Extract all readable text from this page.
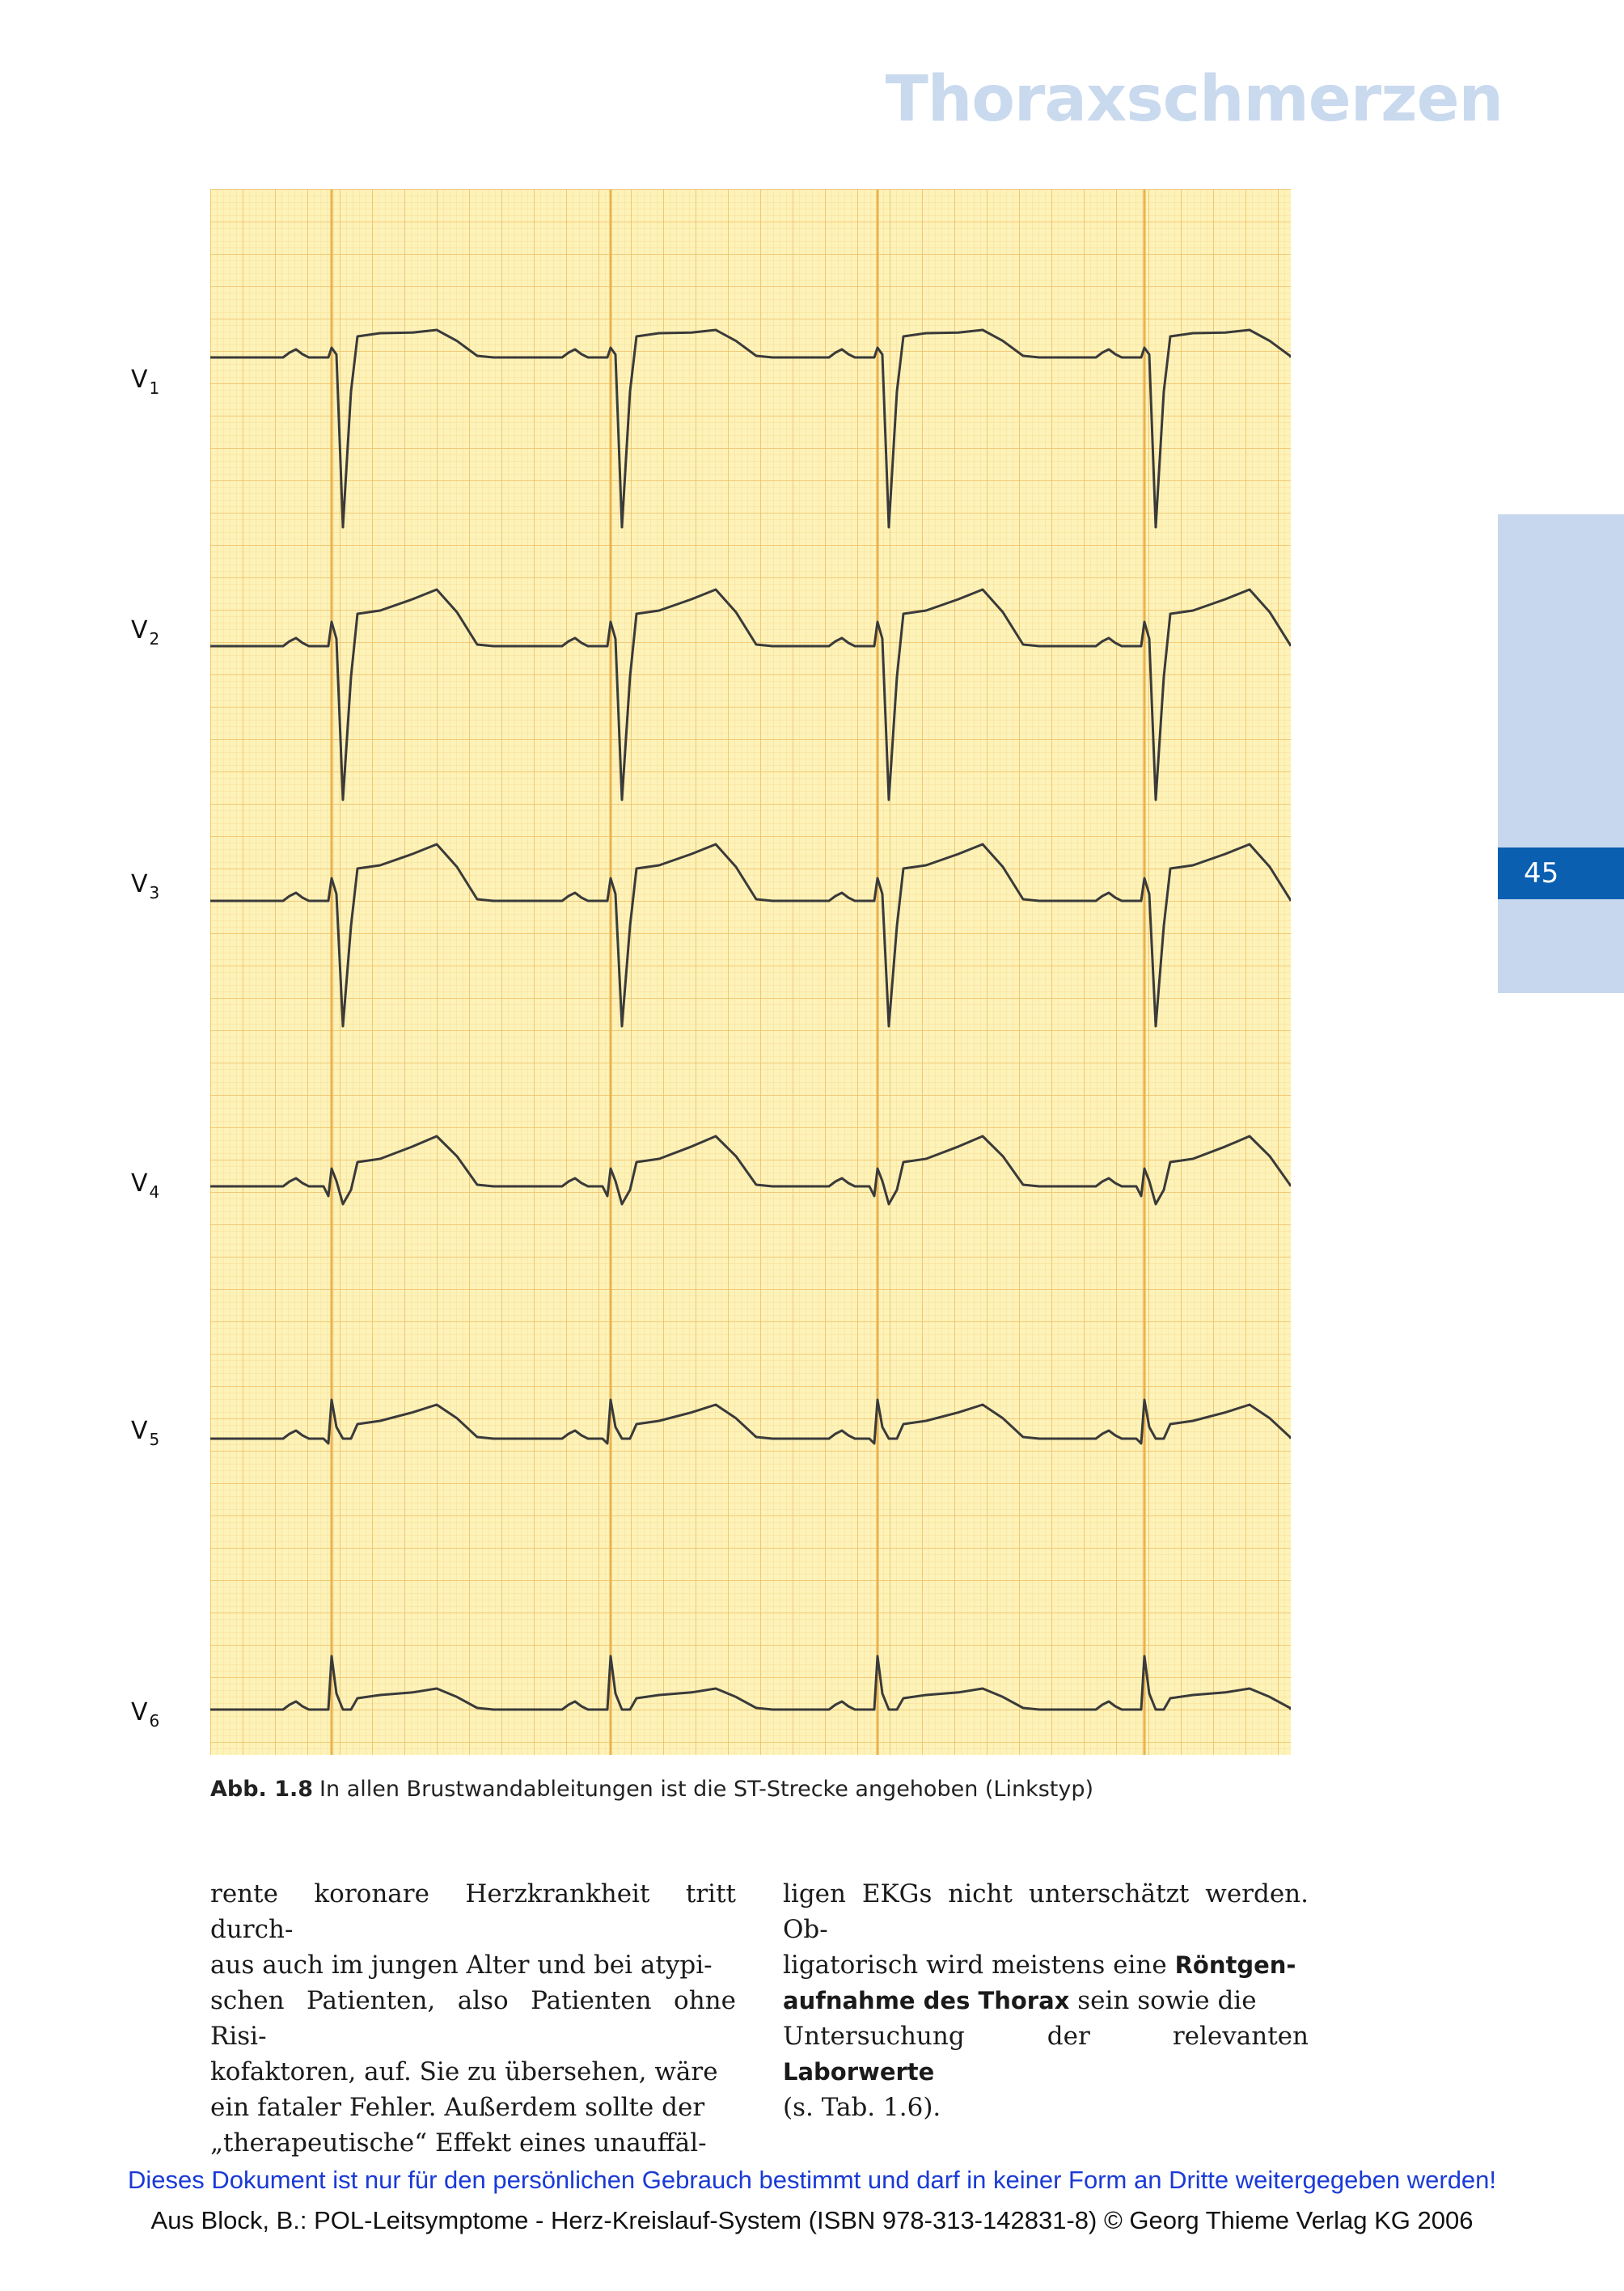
Thoraxschmerzen
45
V $_1$
V $_2$
V $_3$
V $_4$
V $_5$
V $_6$
Abb. 1.8 In allen Brustwandableitungen ist die ST-Strecke angehoben (Linkstyp)
rente koronare Herzkrankheit tritt durch-
aus auch im jungen Alter und bei atypi-
schen Patienten, also Patienten ohne Risi-
kofaktoren, auf. Sie zu übersehen, wäre
ein fataler Fehler. Außerdem sollte der
„therapeutische“ Effekt eines unauffäl-
ligen EKGs nicht unterschätzt werden. Ob-
ligatorisch wird meistens eine Röntgen-
aufnahme des Thorax sein sowie die
Untersuchung der relevanten Laborwerte
(s. Tab. 1.6).
Dieses Dokument ist nur für den persönlichen Gebrauch bestimmt und darf in keiner Form an Dritte weitergegeben werden!
Aus Block, B.: POL-Leitsymptome - Herz-Kreislauf-System (ISBN 978-313-142831-8) © Georg Thieme Verlag KG 2006
